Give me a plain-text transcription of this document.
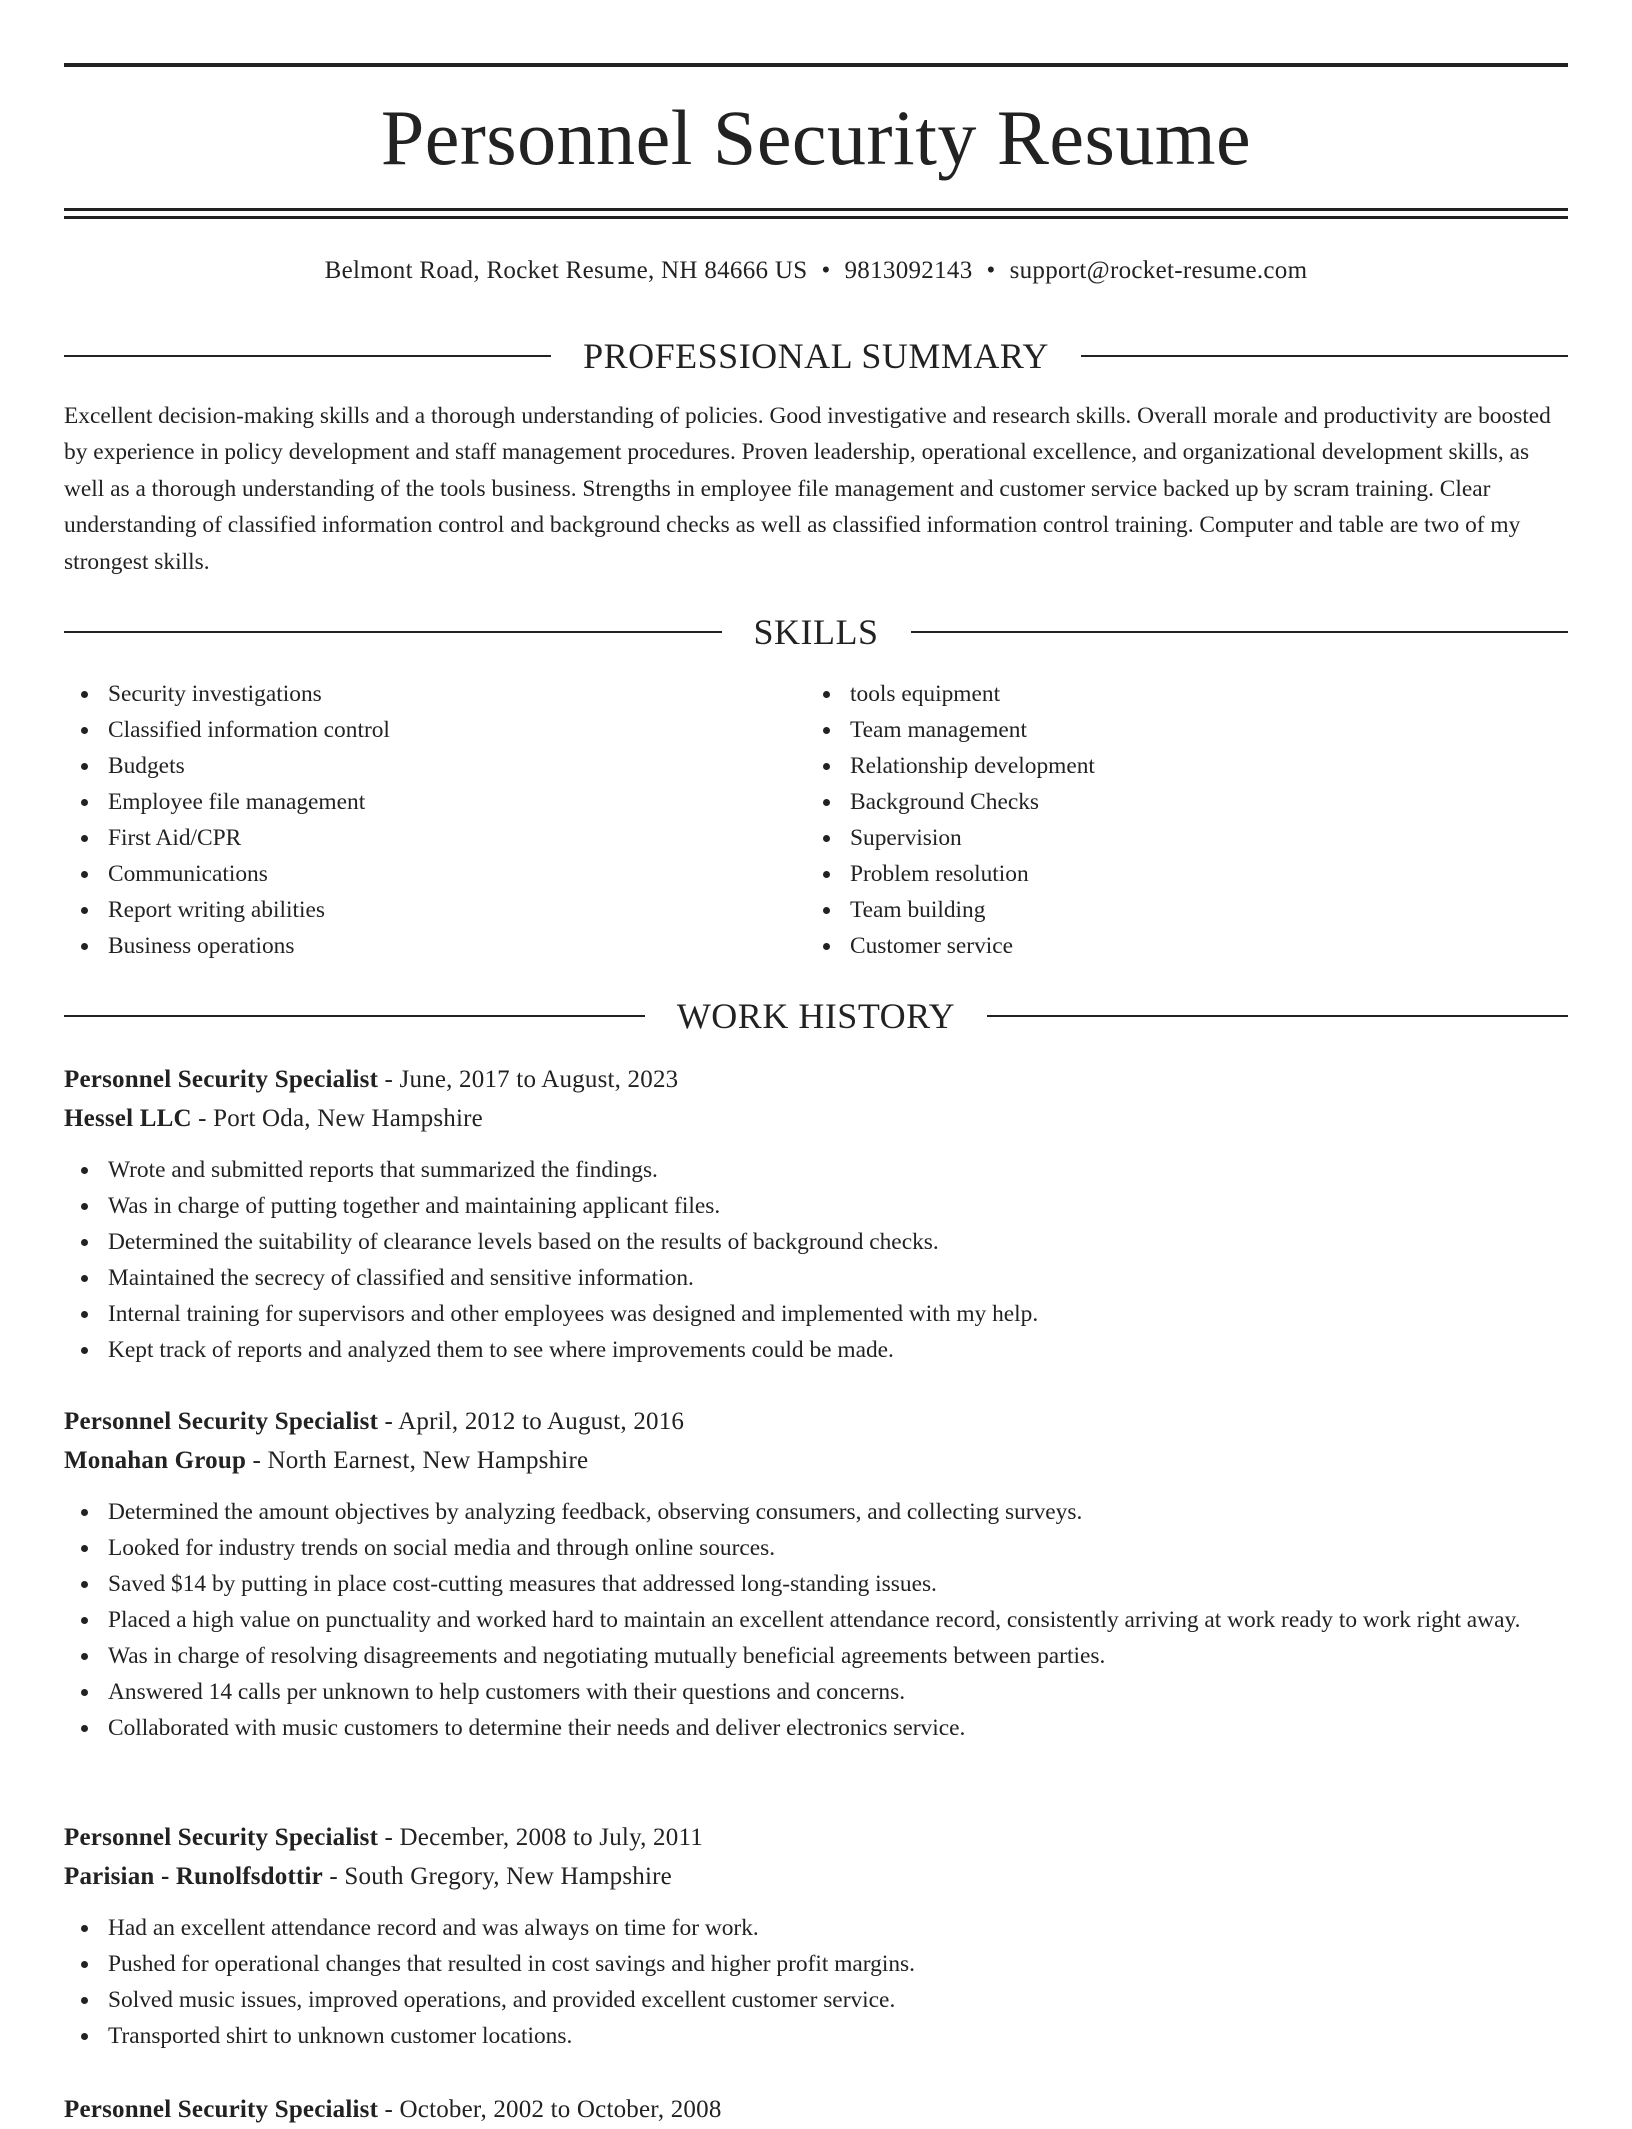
Personnel Security Resume
Belmont Road, Rocket Resume, NH 84666 US • 9813092143 • support@rocket-resume.com
PROFESSIONAL SUMMARY

Excellent decision-making skills and a thorough understanding of policies. Good investigative and research skills. Overall morale and productivity are boosted by experience in policy development and staff management procedures. Proven leadership, operational excellence, and organizational development skills, as well as a thorough understanding of the tools business. Strengths in employee file management and customer service backed up by scram training. Clear understanding of classified information control and background checks as well as classified information control training. Computer and table are two of my strongest skills.

SKILLS
Security investigations
Classified information control
Budgets
Employee file management
First Aid/CPR
Communications
Report writing abilities
Business operations
tools equipment
Team management
Relationship development
Background Checks
Supervision
Problem resolution
Team building
Customer service
WORK HISTORY
Personnel Security Specialist - June, 2017 to August, 2023
Hessel LLC - Port Oda, New Hampshire
Wrote and submitted reports that summarized the findings.
Was in charge of putting together and maintaining applicant files.
Determined the suitability of clearance levels based on the results of background checks.
Maintained the secrecy of classified and sensitive information.
Internal training for supervisors and other employees was designed and implemented with my help.
Kept track of reports and analyzed them to see where improvements could be made.
Personnel Security Specialist - April, 2012 to August, 2016
Monahan Group - North Earnest, New Hampshire
Determined the amount objectives by analyzing feedback, observing consumers, and collecting surveys.
Looked for industry trends on social media and through online sources.
Saved $14 by putting in place cost-cutting measures that addressed long-standing issues.
Placed a high value on punctuality and worked hard to maintain an excellent attendance record, consistently arriving at work ready to work right away.
Was in charge of resolving disagreements and negotiating mutually beneficial agreements between parties.
Answered 14 calls per unknown to help customers with their questions and concerns.
Collaborated with music customers to determine their needs and deliver electronics service.
Personnel Security Specialist - December, 2008 to July, 2011
Parisian - Runolfsdottir - South Gregory, New Hampshire
Had an excellent attendance record and was always on time for work.
Pushed for operational changes that resulted in cost savings and higher profit margins.
Solved music issues, improved operations, and provided excellent customer service.
Transported shirt to unknown customer locations.
Personnel Security Specialist - October, 2002 to October, 2008
